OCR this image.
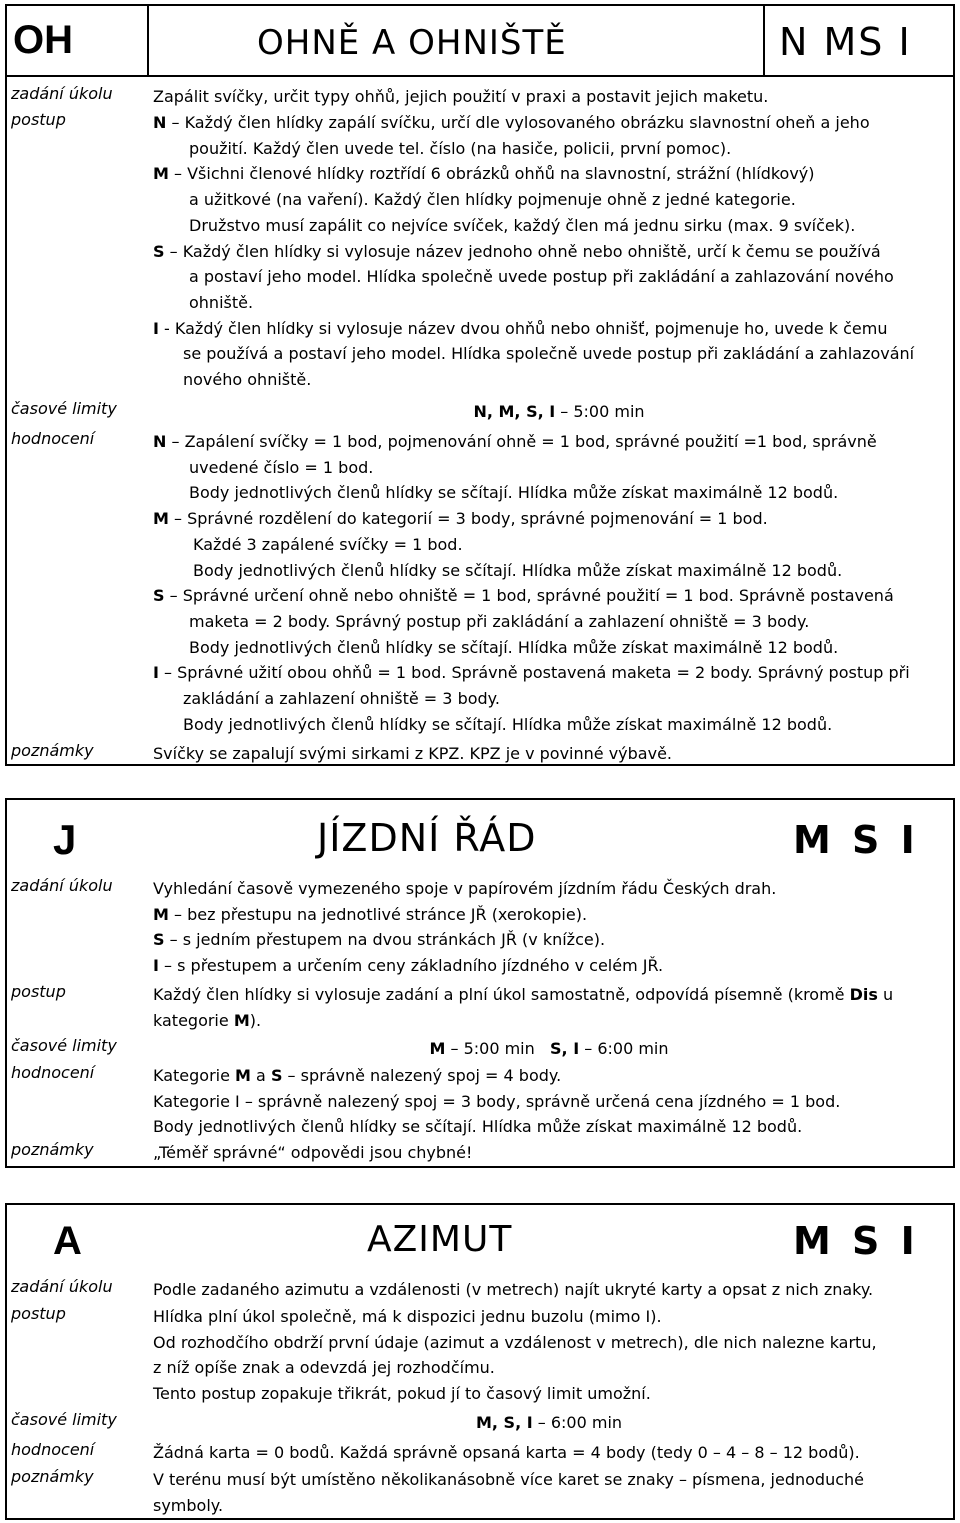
OH	OHNĚ A OHNIŠTĚ	N MS I
zadání úkolu	Zapálit svíčky, určit typy ohňů, jejich použití v praxi a postavit jejich maketu.
postup	N – Každý člen hlídky zapálí svíčku, určí dle vylosovaného obrázku slavnostní oheň a jeho
použití. Každý člen uvede tel. číslo (na hasiče, policii, první pomoc).
M – Všichni členové hlídky roztřídí 6 obrázků ohňů na slavnostní, strážní (hlídkový)
a užitkové (na vaření). Každý člen hlídky pojmenuje ohně z jedné kategorie.
Družstvo musí zapálit co nejvíce svíček, každý člen má jednu sirku (max. 9 svíček).
S – Každý člen hlídky si vylosuje název jednoho ohně nebo ohniště, určí k čemu se používá
a postaví jeho model. Hlídka společně uvede postup při zakládání a zahlazování nového
ohniště.
I - Každý člen hlídky si vylosuje název dvou ohňů nebo ohnišť, pojmenuje ho, uvede k čemu
se používá a postaví jeho model. Hlídka společně uvede postup při zakládání a zahlazování
nového ohniště.
časové limity	N, M, S, I – 5:00 min
hodnocení	N – Zapálení svíčky = 1 bod, pojmenování ohně = 1 bod, správné použití =1 bod, správně
uvedené číslo = 1 bod.
Body jednotlivých členů hlídky se sčítají. Hlídka může získat maximálně 12 bodů.
M – Správné rozdělení do kategorií = 3 body, správné pojmenování = 1 bod.
Každé 3 zapálené svíčky = 1 bod.
Body jednotlivých členů hlídky se sčítají. Hlídka může získat maximálně 12 bodů.
S – Správné určení ohně nebo ohniště = 1 bod, správné použití = 1 bod. Správně postavená
maketa = 2 body. Správný postup při zakládání a zahlazení ohniště = 3 body.
Body jednotlivých členů hlídky se sčítají. Hlídka může získat maximálně 12 bodů.
I – Správné užití obou ohňů = 1 bod. Správně postavená maketa = 2 body. Správný postup při
zakládání a zahlazení ohniště = 3 body.
Body jednotlivých členů hlídky se sčítají. Hlídka může získat maximálně 12 bodů.
poznámky	Svíčky se zapalují svými sirkami z KPZ. KPZ je v povinné výbavě.
J	JÍZDNÍ ŘÁD	M S I
zadání úkolu	Vyhledání časově vymezeného spoje v papírovém jízdním řádu Českých drah.
M – bez přestupu na jednotlivé stránce JŘ (xerokopie).
S – s jedním přestupem na dvou stránkách JŘ (v knížce).
I – s přestupem a určením ceny základního jízdného v celém JŘ.
postup	Každý člen hlídky si vylosuje zadání a plní úkol samostatně, odpovídá písemně (kromě Dis u
kategorie M).
časové limity	M – 5:00 min   S, I – 6:00 min
hodnocení	Kategorie M a S – správně nalezený spoj = 4 body.
Kategorie I – správně nalezený spoj = 3 body, správně určená cena jízdného = 1 bod.
Body jednotlivých členů hlídky se sčítají. Hlídka může získat maximálně 12 bodů.
poznámky	„Téměř správné“ odpovědi jsou chybné!
A	AZIMUT	M S I
zadání úkolu	Podle zadaného azimutu a vzdálenosti (v metrech) najít ukryté karty a opsat z nich znaky.
postup	Hlídka plní úkol společně, má k dispozici jednu buzolu (mimo I).
Od rozhodčího obdrží první údaje (azimut a vzdálenost v metrech), dle nich nalezne kartu,
z níž opíše znak a odevzdá jej rozhodčímu.
Tento postup zopakuje třikrát, pokud jí to časový limit umožní.
časové limity	M, S, I – 6:00 min
hodnocení	Žádná karta = 0 bodů. Každá správně opsaná karta = 4 body (tedy 0 – 4 – 8 – 12 bodů).
poznámky	V terénu musí být umístěno několikanásobně více karet se znaky – písmena, jednoduché
symboly.
